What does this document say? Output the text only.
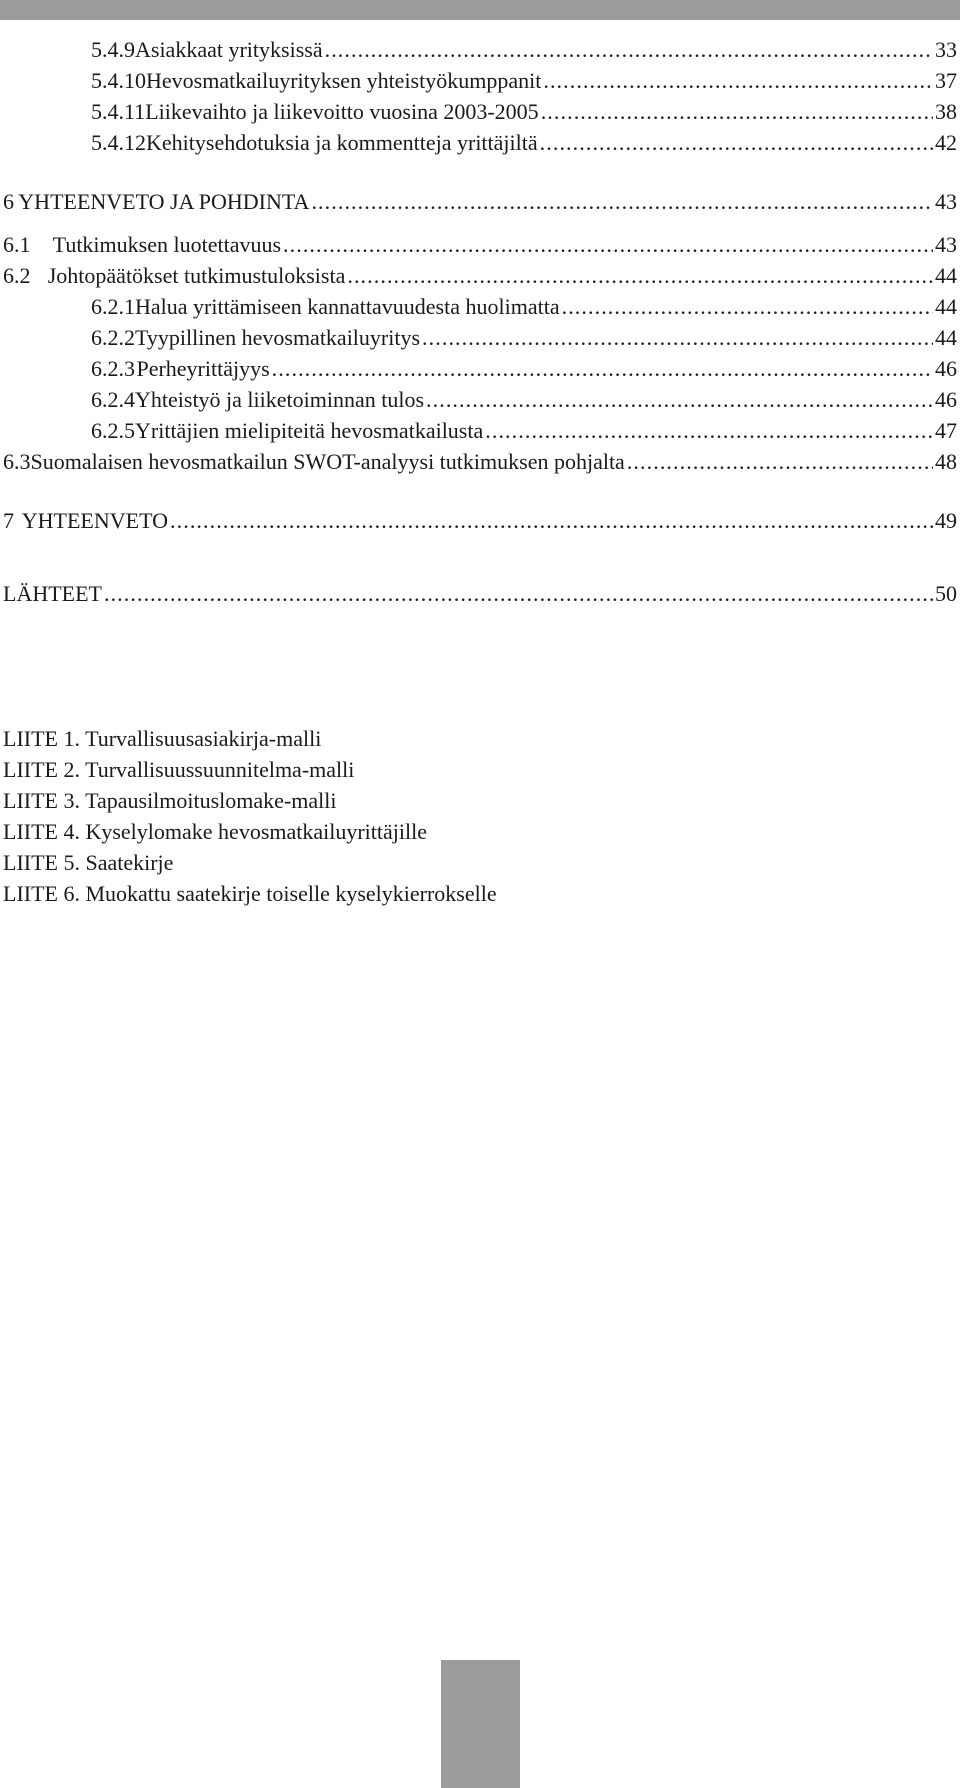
5.4.9 Asiakkaat yrityksissä . . .	33
5.4.10 Hevosmatkailuyrityksen yhteistyökumppanit . . .	37
5.4.11 Liikevaihto ja liikevoitto vuosina 2003-2005 . . .	38
5.4.12 Kehitysehdotuksia ja kommentteja yrittäjiltä . . .	42
6 YHTEENVETO JA POHDINTA . . .	43
6.1	Tutkimuksen luotettavuus . . .	43
6.2 Johtopäätökset tutkimustuloksista . . .	44
6.2.1 Halua yrittämiseen kannattavuudesta huolimatta . . .	44
6.2.2 Tyypillinen hevosmatkailuyritys . . .	44
6.2.3 Perheyrittäjyys . . .	46
6.2.4 Yhteistyö ja liiketoiminnan tulos . . .	46
6.2.5 Yrittäjien mielipiteitä hevosmatkailusta . . .	47
6.3 Suomalaisen hevosmatkailun SWOT-analyysi tutkimuksen pohjalta . . .	48
7 YHTEENVETO . . .	49
LÄHTEET . . .	50
LIITE 1. Turvallisuusasiakirja-malli
LIITE 2. Turvallisuussuunnitelma-malli
LIITE 3. Tapausilmoituslomake-malli
LIITE 4. Kyselylomake hevosmatkailuyrittäjille
LIITE 5. Saatekirje
LIITE 6. Muokattu saatekirje toiselle kyselykierrokselle
